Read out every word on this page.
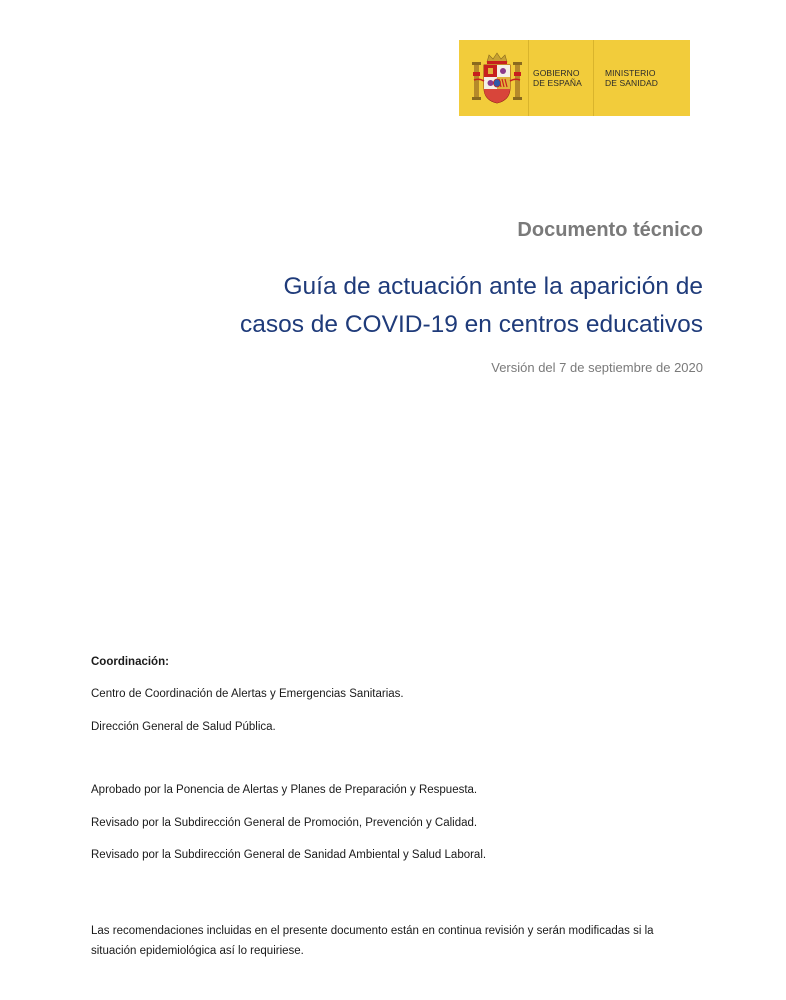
GOBIERNO
DE ESPAÑA
MINISTERIO
DE SANIDAD
Documento técnico
Guía de actuación ante la aparición de
casos de COVID-19 en centros educativos
Versión del 7 de septiembre de 2020
Coordinación:
Centro de Coordinación de Alertas y Emergencias Sanitarias.
Dirección General de Salud Pública.
Aprobado por la Ponencia de Alertas y Planes de Preparación y Respuesta.
Revisado por la Subdirección General de Promoción, Prevención y Calidad.
Revisado por la Subdirección General de Sanidad Ambiental y Salud Laboral.
Las recomendaciones incluidas en el presente documento están en continua revisión y serán modificadas si la situación epidemiológica así lo requiriese.
